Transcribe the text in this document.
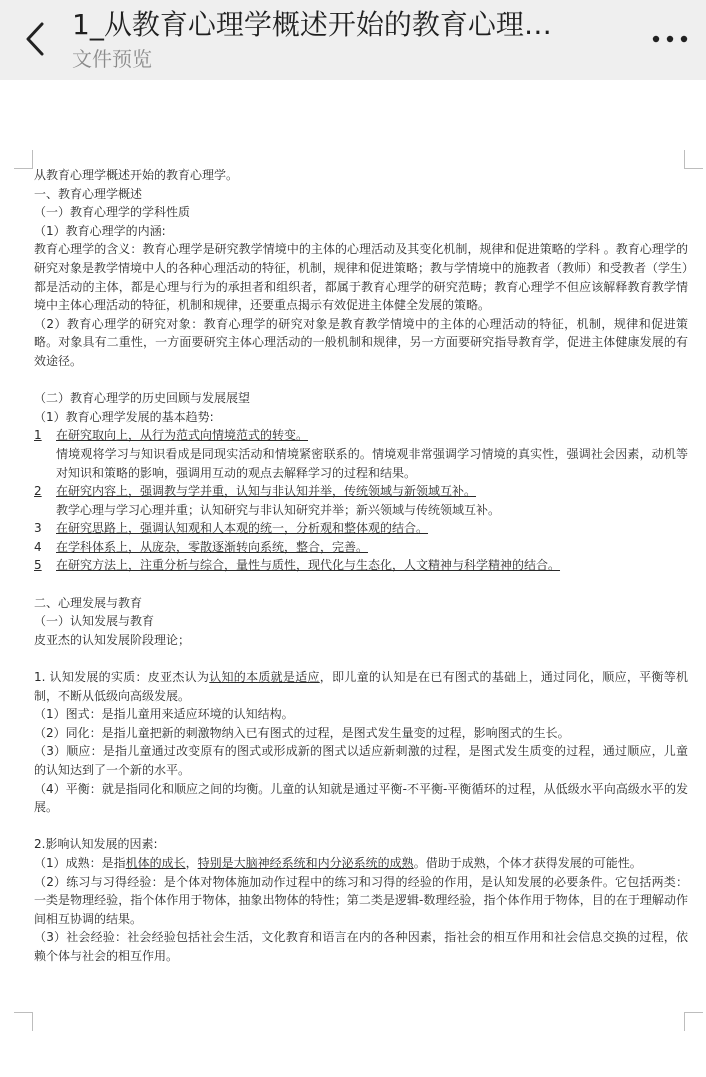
1_从教育心理学概述开始的教育心理…
文件预览
从教育心理学概述开始的教育心理学。
一、教育心理学概述
（一）教育心理学的学科性质
（1）教育心理学的内涵:
教育心理学的含义：教育心理学是研究教学情境中的主体的心理活动及其变化机制，规律和促进策略的学科 。教育心理学的研究对象是教学情境中人的各种心理活动的特征，机制，规律和促进策略；教与学情境中的施教者（教师）和受教者（学生）都是活动的主体，都是心理与行为的承担者和组织者，都属于教育心理学的研究范畴；教育心理学不但应该解释教育教学情境中主体心理活动的特征，机制和规律，还要重点揭示有效促进主体健全发展的策略。
（2）教育心理学的研究对象：教育心理学的研究对象是教育教学情境中的主体的心理活动的特征，机制，规律和促进策略。对象具有二重性，一方面要研究主体心理活动的一般机制和规律，另一方面要研究指导教育学，促进主体健康发展的有效途径。
（二）教育心理学的历史回顾与发展展望
（1）教育心理学发展的基本趋势:
1 在研究取向上，从行为范式向情境范式的转变。
情境观将学习与知识看成是同现实活动和情境紧密联系的。情境观非常强调学习情境的真实性，强调社会因素，动机等对知识和策略的影响，强调用互动的观点去解释学习的过程和结果。
2 在研究内容上，强调教与学并重，认知与非认知并举，传统领域与新领域互补。
教学心理与学习心理并重；认知研究与非认知研究并举；新兴领域与传统领域互补。
3 在研究思路上，强调认知观和人本观的统一，分析观和整体观的结合。
4 在学科体系上，从庞杂，零散逐渐转向系统，整合，完善。
5 在研究方法上，注重分析与综合，量性与质性，现代化与生态化，人文精神与科学精神的结合。
二、心理发展与教育
（一）认知发展与教育
皮亚杰的认知发展阶段理论；
1. 认知发展的实质：皮亚杰认为认知的本质就是适应，即儿童的认知是在已有图式的基础上，通过同化，顺应，平衡等机制，不断从低级向高级发展。
（1）图式：是指儿童用来适应环境的认知结构。
（2）同化：是指儿童把新的刺激物纳入已有图式的过程，是图式发生量变的过程，影响图式的生长。
（3）顺应：是指儿童通过改变原有的图式或形成新的图式以适应新刺激的过程，是图式发生质变的过程，通过顺应，儿童的认知达到了一个新的水平。
（4）平衡：就是指同化和顺应之间的均衡。儿童的认知就是通过平衡-不平衡-平衡循环的过程，从低级水平向高级水平的发展。
2.影响认知发展的因素:
（1）成熟：是指机体的成长，特别是大脑神经系统和内分泌系统的成熟。借助于成熟，个体才获得发展的可能性。
（2）练习与习得经验：是个体对物体施加动作过程中的练习和习得的经验的作用，是认知发展的必要条件。它包括两类：一类是物理经验，指个体作用于物体，抽象出物体的特性；第二类是逻辑-数理经验，指个体作用于物体，目的在于理解动作间相互协调的结果。
（3）社会经验：社会经验包括社会生活，文化教育和语言在内的各种因素，指社会的相互作用和社会信息交换的过程，依赖个体与社会的相互作用。
